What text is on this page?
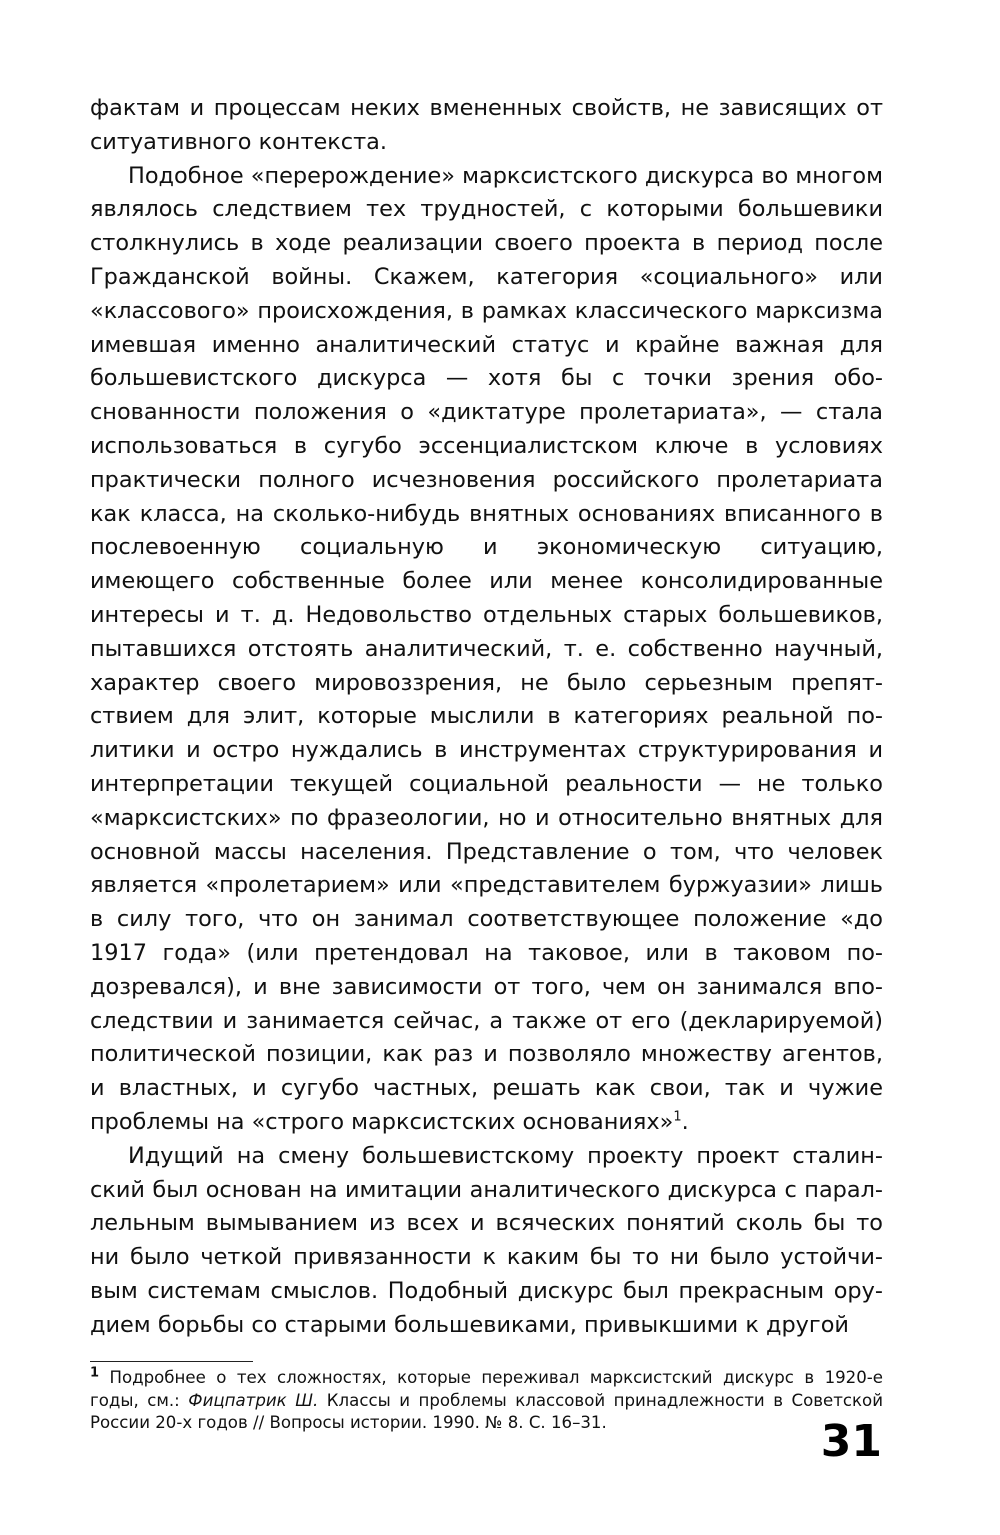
фактам и процессам неких вмененных свойств, не зависящих от ситуативного контекста.

Подобное «перерождение» марксистского дискурса во многом являлось следствием тех трудностей, с которыми большевики столкнулись в ходе реализации своего проекта в период после Гражданской войны. Скажем, категория «социального» или «классового» происхождения, в рамках классического марксизма имевшая именно аналитический статус и крайне важная для большевистского дискурса — хотя бы с точки зрения обоснованности положения о «диктатуре пролетариата», — стала использоваться в сугубо эссенциалистском ключе в условиях практически полного исчезновения российского пролетариата как класса, на сколько-нибудь внятных основаниях вписанного в послевоенную социальную и экономическую ситуацию, имеющего собственные более или менее консолидированные интересы и т. д. Недовольство отдельных старых большевиков, пытавшихся отстоять аналитический, т. е. собственно научный, характер своего мировоззрения, не было серьезным препятствием для элит, которые мыслили в категориях реальной политики и остро нуждались в инструментах структурирования и интерпретации текущей социальной реальности — не только «марксистских» по фразеологии, но и относительно внятных для основной массы населения. Представление о том, что человек является «пролетарием» или «представителем буржуазии» лишь в силу того, что он занимал соответствующее положение «до 1917 года» (или претендовал на таковое, или в таковом подозревался), и вне зависимости от того, чем он занимался впоследствии и занимается сейчас, а также от его (декларируемой) политической позиции, как раз и позволяло множеству агентов, и властных, и сугубо частных, решать как свои, так и чужие проблемы на «строго марксистских основаниях»$^1$.

Идущий на смену большевистскому проекту проект сталинский был основан на имитации аналитического дискурса с параллельным вымыванием из всех и всяческих понятий сколь бы то ни было четкой привязанности к каким бы то ни было устойчивым системам смыслов. Подобный дискурс был прекрасным орудием борьбы со старыми большевиками, привыкшими к другой

$^1$ Подробнее о тех сложностях, которые переживал марксистский дискурс в 1920-е годы, см.: Фицпатрик Ш. Классы и проблемы классовой принадлежности в Советской России 20-х годов // Вопросы истории. 1990. № 8. С. 16–31.	31
